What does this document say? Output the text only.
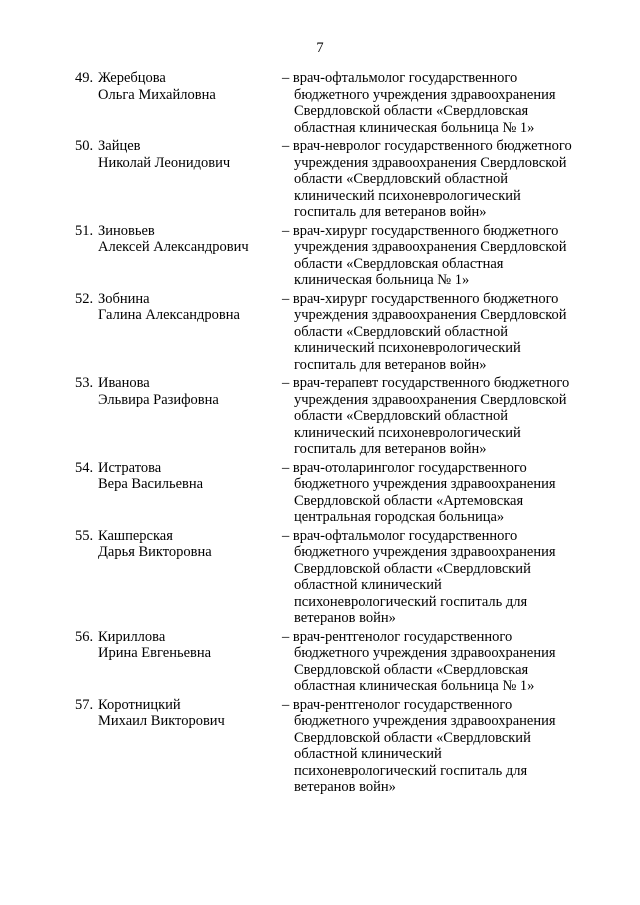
7
49. Жеребцова
Ольга Михайловна
– врач-офтальмолог государственного
бюджетного учреждения здравоохранения
Свердловской области «Свердловская
областная клиническая больница № 1»
50. Зайцев
Николай Леонидович
– врач-невролог государственного бюджетного
учреждения здравоохранения Свердловской
области «Свердловский областной
клинический психоневрологический
госпиталь для ветеранов войн»
51. Зиновьев
Алексей Александрович
– врач-хирург государственного бюджетного
учреждения здравоохранения Свердловской
области «Свердловская областная
клиническая больница № 1»
52. Зобнина
Галина Александровна
– врач-хирург государственного бюджетного
учреждения здравоохранения Свердловской
области «Свердловский областной
клинический психоневрологический
госпиталь для ветеранов войн»
53. Иванова
Эльвира Разифовна
– врач-терапевт государственного бюджетного
учреждения здравоохранения Свердловской
области «Свердловский областной
клинический психоневрологический
госпиталь для ветеранов войн»
54. Истратова
Вера Васильевна
– врач-отоларинголог государственного
бюджетного учреждения здравоохранения
Свердловской области «Артемовская
центральная городская больница»
55. Кашперская
Дарья Викторовна
– врач-офтальмолог государственного
бюджетного учреждения здравоохранения
Свердловской области «Свердловский
областной клинический
психоневрологический госпиталь для
ветеранов войн»
56. Кириллова
Ирина Евгеньевна
– врач-рентгенолог государственного
бюджетного учреждения здравоохранения
Свердловской области «Свердловская
областная клиническая больница № 1»
57. Коротницкий
Михаил Викторович
– врач-рентгенолог государственного
бюджетного учреждения здравоохранения
Свердловской области «Свердловский
областной клинический
психоневрологический госпиталь для
ветеранов войн»
